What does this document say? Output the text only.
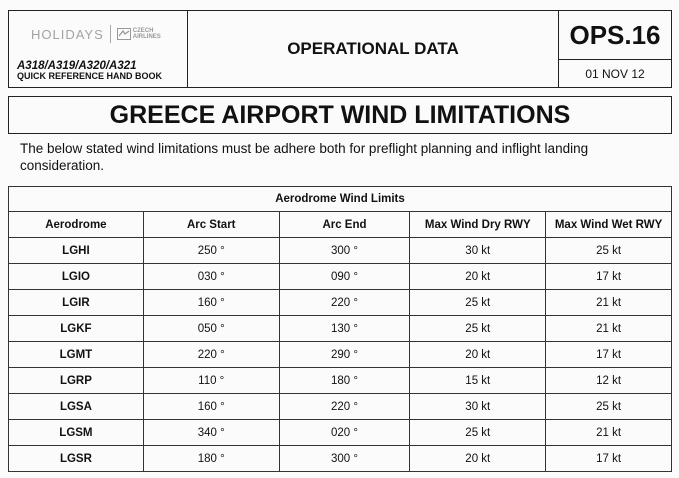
HOLIDAYS	CZECH
AIRLINES
A318/A319/A320/A321
QUICK REFERENCE HAND BOOK
OPERATIONAL DATA	OPS.16
01 NOV 12
GREECE AIRPORT WIND LIMITATIONS
The below stated wind limitations must be adhere both for preflight planning and inflight landing consideration.
Aerodrome Wind Limits				
Aerodrome	Arc Start	Arc End	Max Wind Dry RWY	Max Wind Wet RWY
LGHI	250 °	300 °	30 kt	25 kt
LGIO	030 °	090 °	20 kt	17 kt
LGIR	160 °	220 °	25 kt	21 kt
LGKF	050 °	130 °	25 kt	21 kt
LGMT	220 °	290 °	20 kt	17 kt
LGRP	110 °	180 °	15 kt	12 kt
LGSA	160 °	220 °	30 kt	25 kt
LGSM	340 °	020 °	25 kt	21 kt
LGSR	180 °	300 °	20 kt	17 kt
